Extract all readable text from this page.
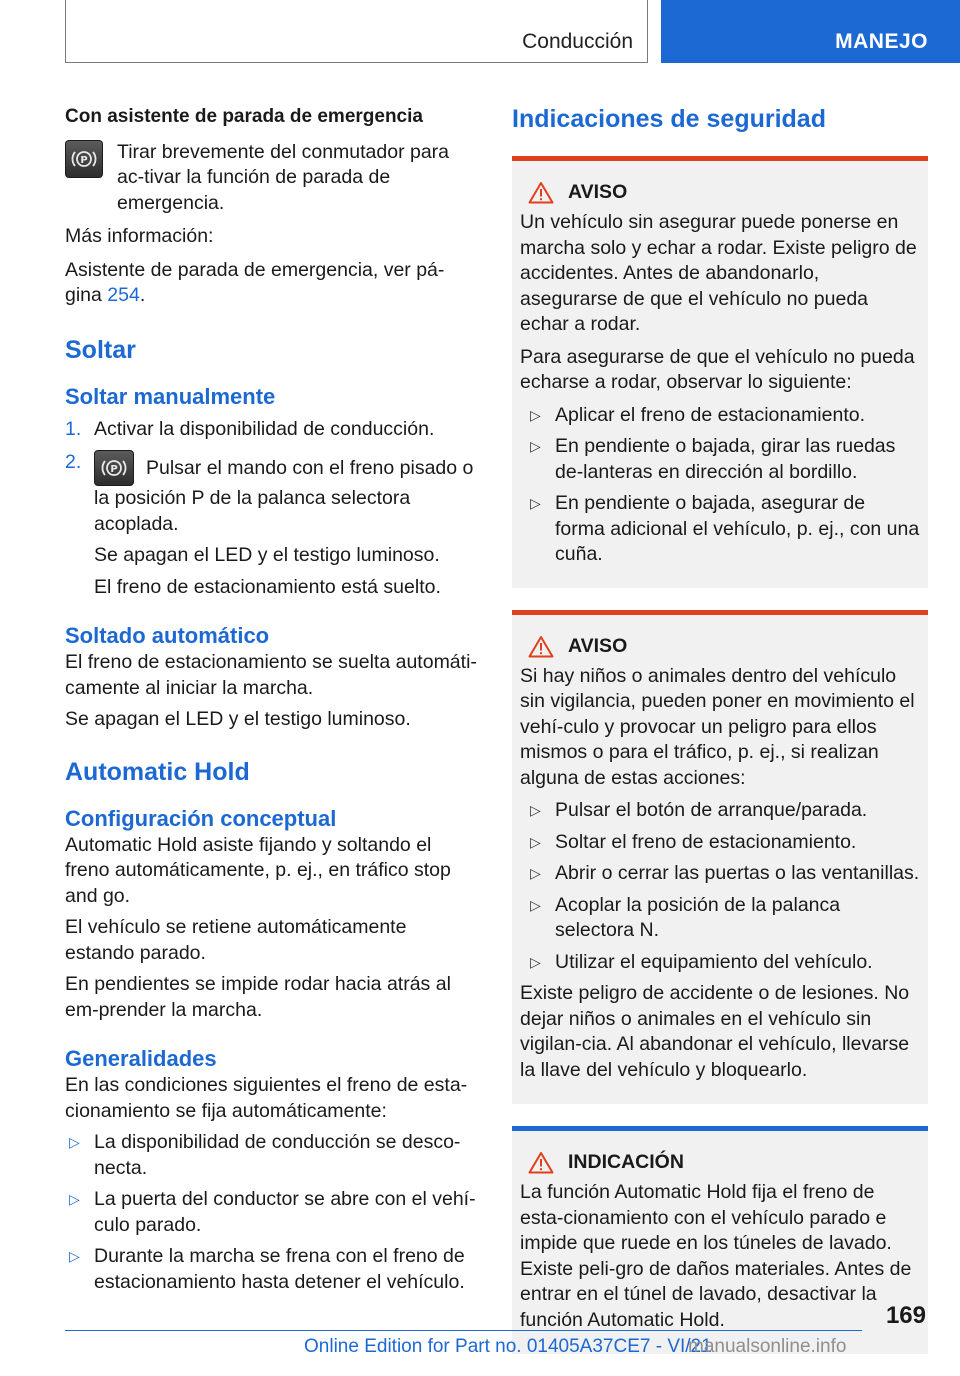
Conducción	MANEJO

Con asistente de parada de emergencia

P Tirar brevemente del conmutador para ac-tivar la función de parada de emergencia.

Más información:

Asistente de parada de emergencia, ver pá-gina 254.

Soltar
Soltar manualmente
1. Activar la disponibilidad de conducción.
2.	P Pulsar el mando con el freno pisado o la posición P de la palanca selectora acoplada.

Se apagan el LED y el testigo luminoso.

El freno de estacionamiento está suelto.

Soltado automático

El freno de estacionamiento se suelta automáti-camente al iniciar la marcha.

Se apagan el LED y el testigo luminoso.

Automatic Hold
Configuración conceptual

Automatic Hold asiste fijando y soltando el freno automáticamente, p. ej., en tráfico stop and go.

El vehículo se retiene automáticamente estando parado.

En pendientes se impide rodar hacia atrás al em-prender la marcha.

Generalidades

En las condiciones siguientes el freno de esta-cionamiento se fija automáticamente:

▷ La disponibilidad de conducción se desco-necta.
▷ La puerta del conductor se abre con el vehí-culo parado.
▷ Durante la marcha se frena con el freno de estacionamiento hasta detener el vehículo.
Indicaciones de seguridad
AVISO

Un vehículo sin asegurar puede ponerse en marcha solo y echar a rodar. Existe peligro de accidentes. Antes de abandonarlo, asegurarse de que el vehículo no pueda echar a rodar.

Para asegurarse de que el vehículo no pueda echarse a rodar, observar lo siguiente:

▷ Aplicar el freno de estacionamiento.
▷ En pendiente o bajada, girar las ruedas de-lanteras en dirección al bordillo.
▷ En pendiente o bajada, asegurar de forma adicional el vehículo, p. ej., con una cuña.
AVISO

Si hay niños o animales dentro del vehículo sin vigilancia, pueden poner en movimiento el vehí-culo y provocar un peligro para ellos mismos o para el tráfico, p. ej., si realizan alguna de estas acciones:

▷ Pulsar el botón de arranque/parada.
▷ Soltar el freno de estacionamiento.
▷ Abrir o cerrar las puertas o las ventanillas.
▷ Acoplar la posición de la palanca selectora N.
▷ Utilizar el equipamiento del vehículo.

Existe peligro de accidente o de lesiones. No dejar niños o animales en el vehículo sin vigilan-cia. Al abandonar el vehículo, llevarse la llave del vehículo y bloquearlo.

INDICACIÓN

La función Automatic Hold fija el freno de esta-cionamiento con el vehículo parado e impide que ruede en los túneles de lavado. Existe peli-gro de daños materiales. Antes de entrar en el túnel de lavado, desactivar la función Automatic Hold.	169
Online Edition for Part no. 01405A37CE7 - VI/21
manualsonline.info
